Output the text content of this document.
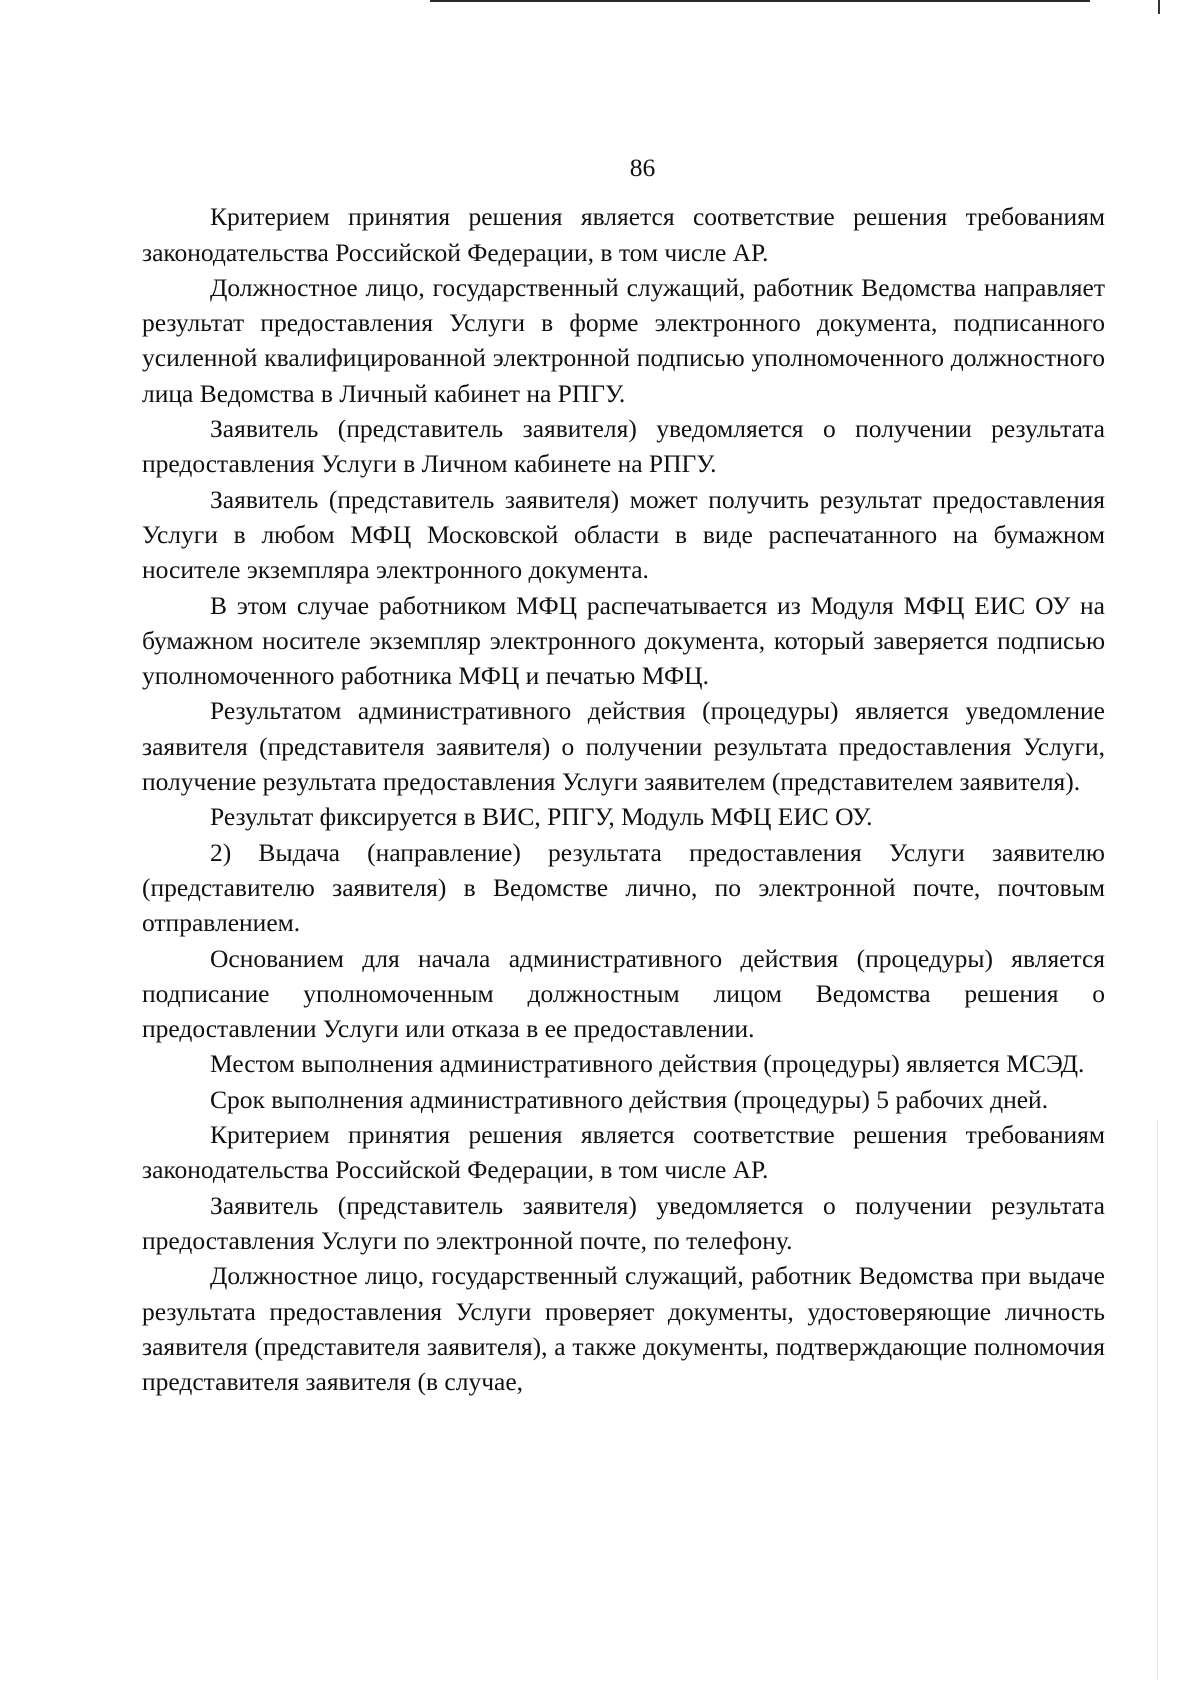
86

Критерием принятия решения является соответствие решения требованиям законодательства Российской Федерации, в том числе АР.

Должностное лицо, государственный служащий, работник Ведомства направляет результат предоставления Услуги в форме электронного документа, подписанного усиленной квалифицированной электронной подписью уполномоченного должностного лица Ведомства в Личный кабинет на РПГУ.

Заявитель (представитель заявителя) уведомляется о получении результата предоставления Услуги в Личном кабинете на РПГУ.

Заявитель (представитель заявителя) может получить результат предоставления Услуги в любом МФЦ Московской области в виде распечатанного на бумажном носителе экземпляра электронного документа.

В этом случае работником МФЦ распечатывается из Модуля МФЦ ЕИС ОУ на бумажном носителе экземпляр электронного документа, который заверяется подписью уполномоченного работника МФЦ и печатью МФЦ.

Результатом административного действия (процедуры) является уведомление заявителя (представителя заявителя) о получении результата предоставления Услуги, получение результата предоставления Услуги заявителем (представителем заявителя).

Результат фиксируется в ВИС, РПГУ, Модуль МФЦ ЕИС ОУ.

2) Выдача (направление) результата предоставления Услуги заявителю (представителю заявителя) в Ведомстве лично, по электронной почте, почтовым отправлением.

Основанием для начала административного действия (процедуры) является подписание уполномоченным должностным лицом Ведомства решения о предоставлении Услуги или отказа в ее предоставлении.

Местом выполнения административного действия (процедуры) является МСЭД.

Срок выполнения административного действия (процедуры) 5 рабочих дней.

Критерием принятия решения является соответствие решения требованиям законодательства Российской Федерации, в том числе АР.

Заявитель (представитель заявителя) уведомляется о получении результата предоставления Услуги по электронной почте, по телефону.

Должностное лицо, государственный служащий, работник Ведомства при выдаче результата предоставления Услуги проверяет документы, удостоверяющие личность заявителя (представителя заявителя), а также документы, подтверждающие полномочия представителя заявителя (в случае,
